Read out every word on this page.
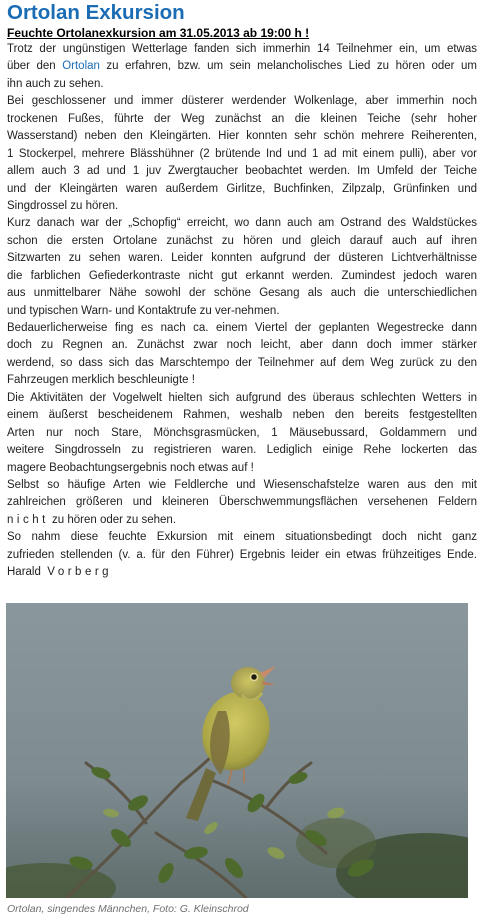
Ortolan Exkursion
Feuchte Ortolanexkursion am 31.05.2013 ab 19:00 h !
Trotz der ungünstigen Wetterlage fanden sich immerhin 14 Teilnehmer ein, um etwas
über den Ortolan zu erfahren, bzw. um sein melancholisches Lied zu hören oder um
ihn auch zu sehen.
Bei geschlossener und immer düsterer werdender Wolkenlage, aber immerhin noch
trockenen Fußes, führte der Weg zunächst an die kleinen Teiche (sehr hoher
Wasserstand) neben den Kleingärten. Hier konnten sehr schön mehrere Reiherenten,
1 Stockerpel, mehrere Blässhühner (2 brütende Ind und 1 ad mit einem pulli), aber vor
allem auch 3 ad und 1 juv Zwergtaucher beobachtet werden. Im Umfeld der Teiche
und der Kleingärten waren außerdem Girlitze, Buchfinken, Zilpzalp, Grünfinken und
Singdrossel zu hören.
Kurz danach war der „Schopfig“ erreicht, wo dann auch am Ostrand des Waldstückes
schon die ersten Ortolane zunächst zu hören und gleich darauf auch auf ihren
Sitzwarten zu sehen waren. Leider konnten aufgrund der düsteren Lichtverhältnisse
die farblichen Gefiederkontraste nicht gut erkannt werden. Zumindest jedoch waren
aus unmittelbarer Nähe sowohl der schöne Gesang als auch die unterschiedlichen
und typischen Warn- und Kontaktrufe zu ver-nehmen.
Bedauerlicherweise fing es nach ca. einem Viertel der geplanten Wegestrecke dann
doch zu Regnen an. Zunächst zwar noch leicht, aber dann doch immer stärker
werdend, so dass sich das Marschtempo der Teilnehmer auf dem Weg zurück zu den
Fahrzeugen merklich beschleunigte !
Die Aktivitäten der Vogelwelt hielten sich aufgrund des überaus schlechten Wetters in
einem äußerst bescheidenem Rahmen, weshalb neben den bereits festgestellten
Arten nur noch Stare, Mönchsgrasmücken, 1 Mäusebussard, Goldammern und
weitere Singdrosseln zu registrieren waren. Lediglich einige Rehe lockerten das
magere Beobachtungsergebnis noch etwas auf !
Selbst so häufige Arten wie Feldlerche und Wiesenschafstelze waren aus den mit
zahlreichen größeren und kleineren Überschwemmungsflächen versehenen Feldern
nicht zu hören oder zu sehen.
So nahm diese feuchte Exkursion mit einem situationsbedingt doch nicht ganz
zufrieden stellenden (v. a. für den Führer) Ergebnis leider ein etwas frühzeitiges Ende.
Harald Vorberg
Ortolan, singendes Männchen, Foto: G. Kleinschrod
